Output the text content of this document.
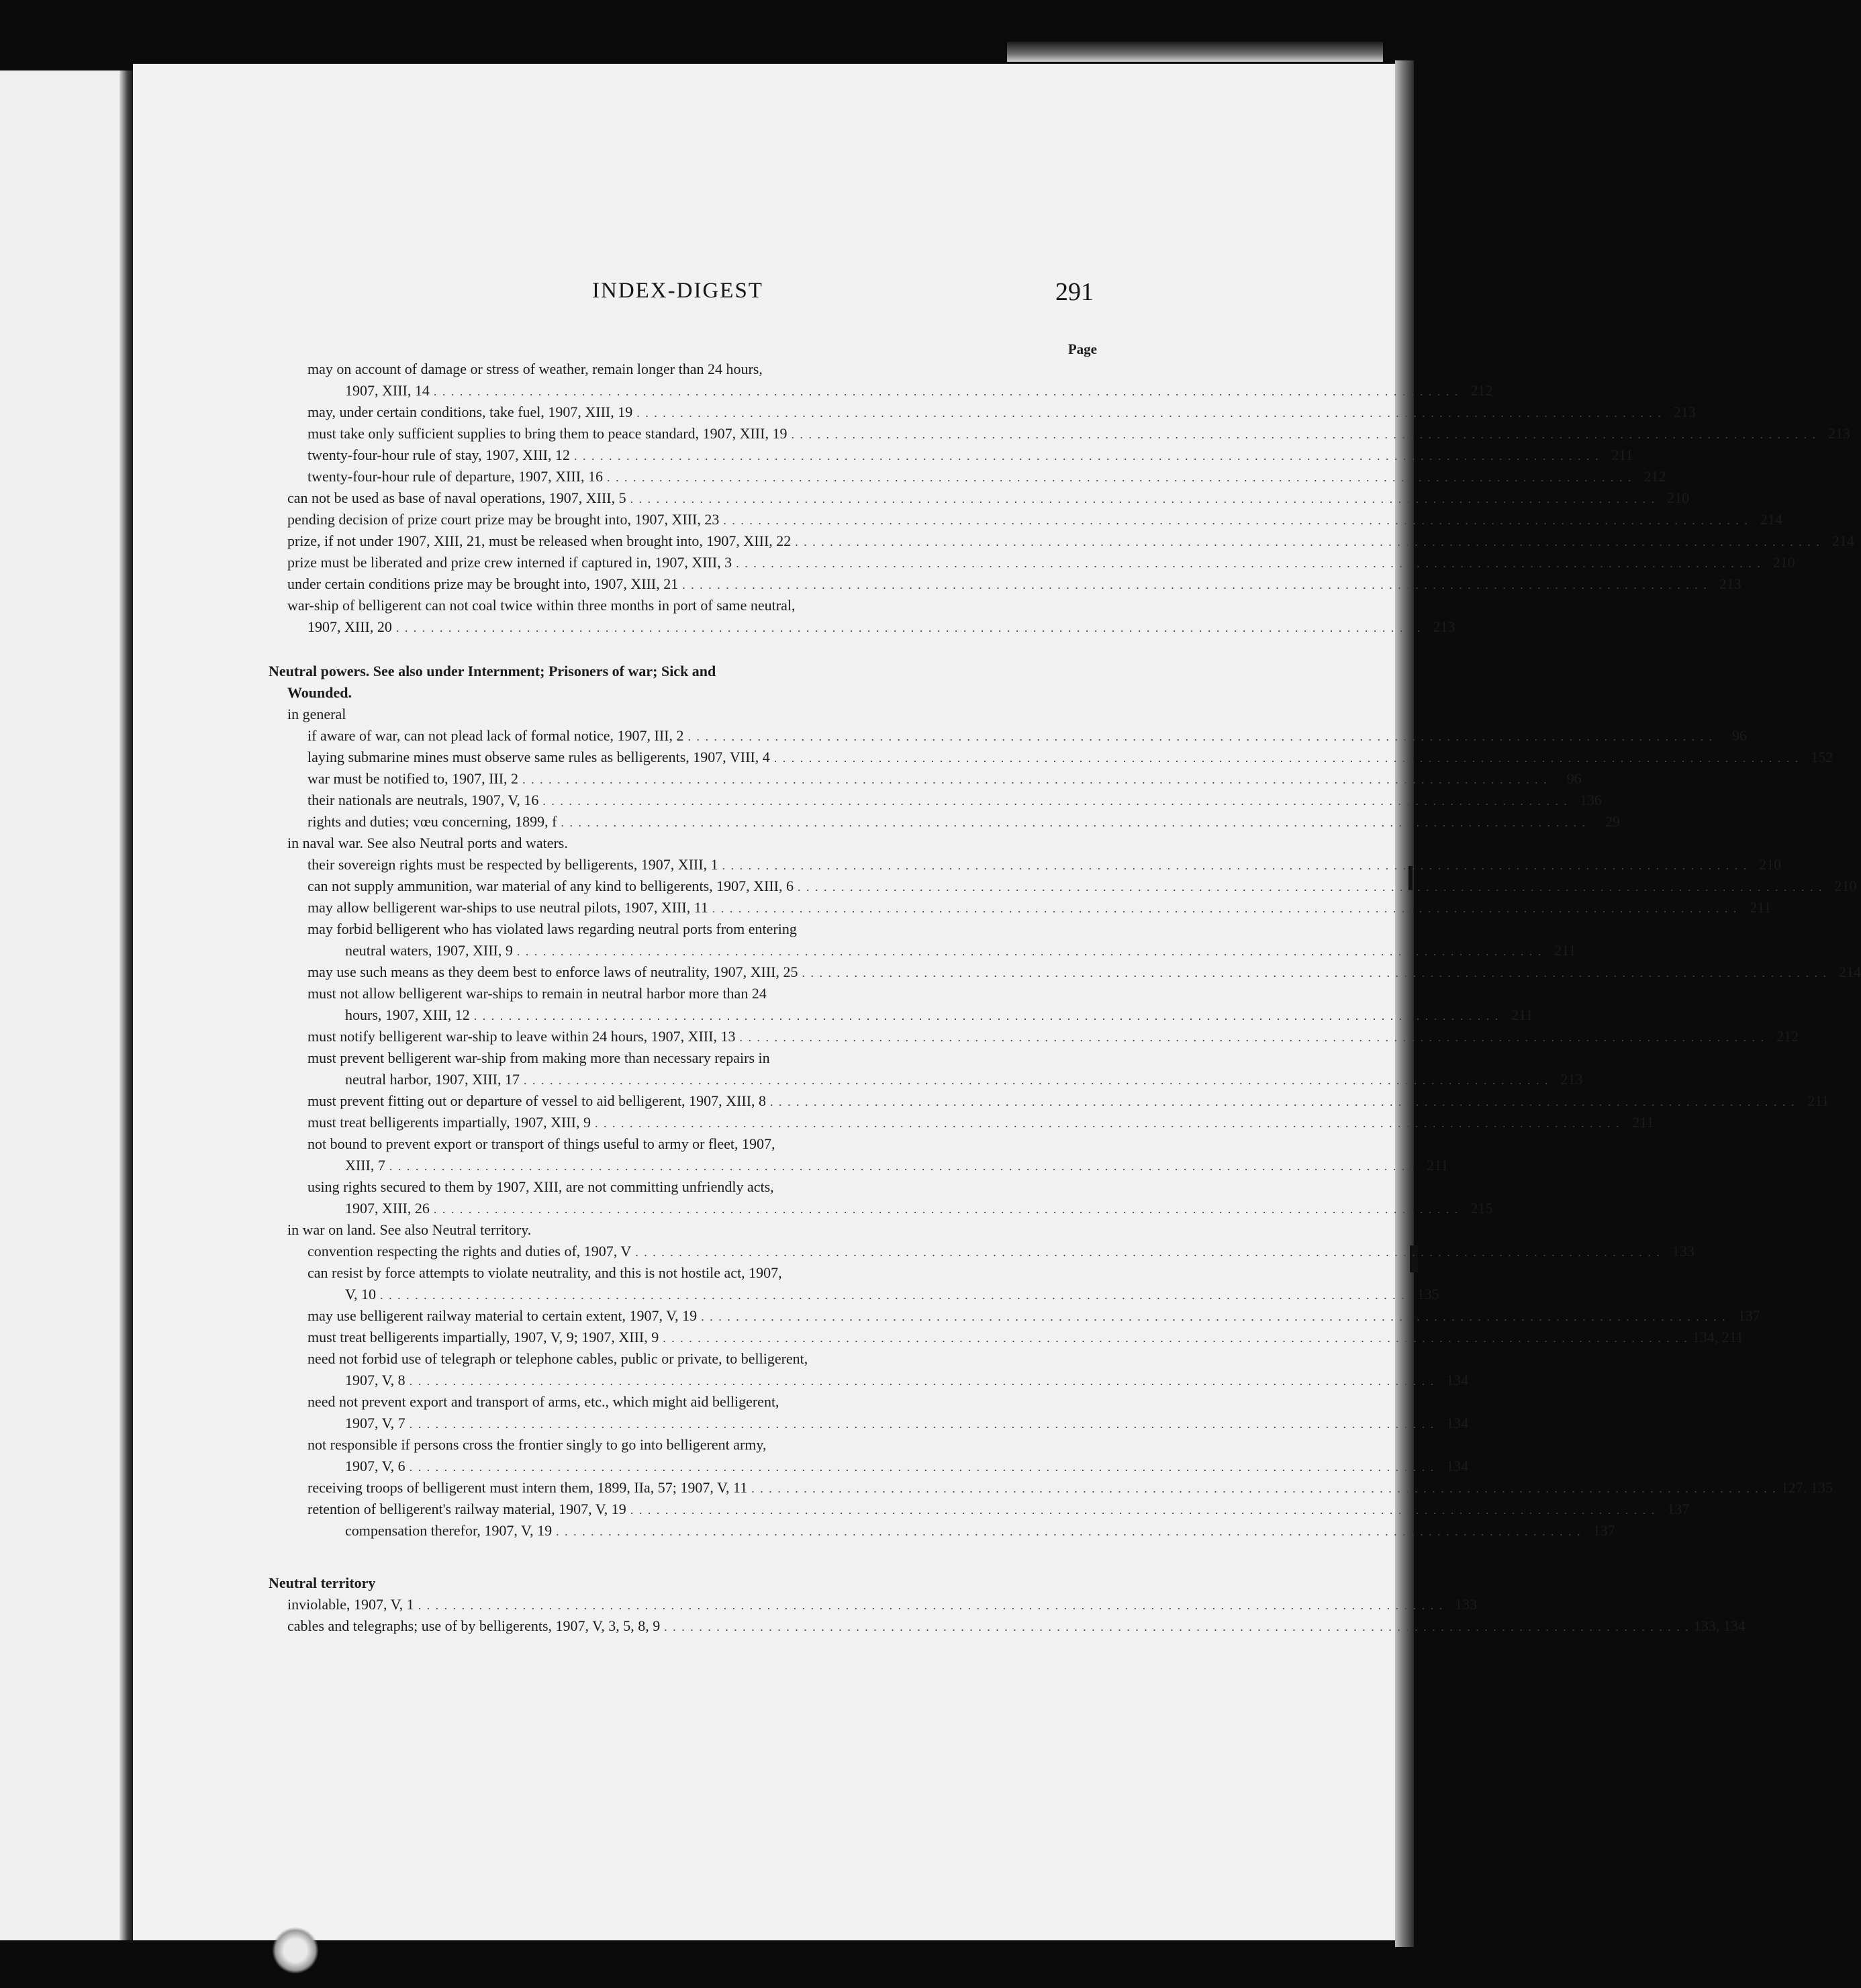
INDEX-DIGEST	291
Page
may on account of damage or stress of weather, remain longer than 24 hours,
1907, XIII, 14 . . .	212
may, under certain conditions, take fuel, 1907, XIII, 19 . . .	213
must take only sufficient supplies to bring them to peace standard, 1907, XIII, 19 . . .	213
twenty-four-hour rule of stay, 1907, XIII, 12 . . .	211
twenty-four-hour rule of departure, 1907, XIII, 16 . . .	212
can not be used as base of naval operations, 1907, XIII, 5 . . .	210
pending decision of prize court prize may be brought into, 1907, XIII, 23 . . .	214
prize, if not under 1907, XIII, 21, must be released when brought into, 1907, XIII, 22 . . .	214
prize must be liberated and prize crew interned if captured in, 1907, XIII, 3 . . .	210
under certain conditions prize may be brought into, 1907, XIII, 21 . . .	213
war-ship of belligerent can not coal twice within three months in port of same neutral,
1907, XIII, 20 . . .	213
Neutral powers. See also under Internment; Prisoners of war; Sick and
Wounded.
in general
if aware of war, can not plead lack of formal notice, 1907, III, 2 . . .	96
laying submarine mines must observe same rules as belligerents, 1907, VIII, 4 . . .	152
war must be notified to, 1907, III, 2 . . .	96
their nationals are neutrals, 1907, V, 16 . . .	136
rights and duties; vœu concerning, 1899, f . . .	29
in naval war. See also Neutral ports and waters.
their sovereign rights must be respected by belligerents, 1907, XIII, 1 . . .	210
can not supply ammunition, war material of any kind to belligerents, 1907, XIII, 6 . . .	210
may allow belligerent war-ships to use neutral pilots, 1907, XIII, 11 . . .	211
may forbid belligerent who has violated laws regarding neutral ports from entering
neutral waters, 1907, XIII, 9 . . .	211
may use such means as they deem best to enforce laws of neutrality, 1907, XIII, 25 . . .	214
must not allow belligerent war-ships to remain in neutral harbor more than 24
hours, 1907, XIII, 12 . . .	211
must notify belligerent war-ship to leave within 24 hours, 1907, XIII, 13 . . .	212
must prevent belligerent war-ship from making more than necessary repairs in
neutral harbor, 1907, XIII, 17 . . .	213
must prevent fitting out or departure of vessel to aid belligerent, 1907, XIII, 8 . . .	211
must treat belligerents impartially, 1907, XIII, 9 . . .	211
not bound to prevent export or transport of things useful to army or fleet, 1907,
XIII, 7 . . .	211
using rights secured to them by 1907, XIII, are not committing unfriendly acts,
1907, XIII, 26 . . .	215
in war on land. See also Neutral territory.
convention respecting the rights and duties of, 1907, V . . .	133
can resist by force attempts to violate neutrality, and this is not hostile act, 1907,
V, 10 . . .	135
may use belligerent railway material to certain extent, 1907, V, 19 . . .	137
must treat belligerents impartially, 1907, V, 9; 1907, XIII, 9 . . .	134, 211
need not forbid use of telegraph or telephone cables, public or private, to belligerent,
1907, V, 8 . . .	134
need not prevent export and transport of arms, etc., which might aid belligerent,
1907, V, 7 . . .	134
not responsible if persons cross the frontier singly to go into belligerent army,
1907, V, 6 . . .	134
receiving troops of belligerent must intern them, 1899, IIa, 57; 1907, V, 11 . . .	127, 135
retention of belligerent's railway material, 1907, V, 19 . . .	137
compensation therefor, 1907, V, 19 . . .	137
Neutral territory
inviolable, 1907, V, 1 . . .	133
cables and telegraphs; use of by belligerents, 1907, V, 3, 5, 8, 9 . . .	133, 134
